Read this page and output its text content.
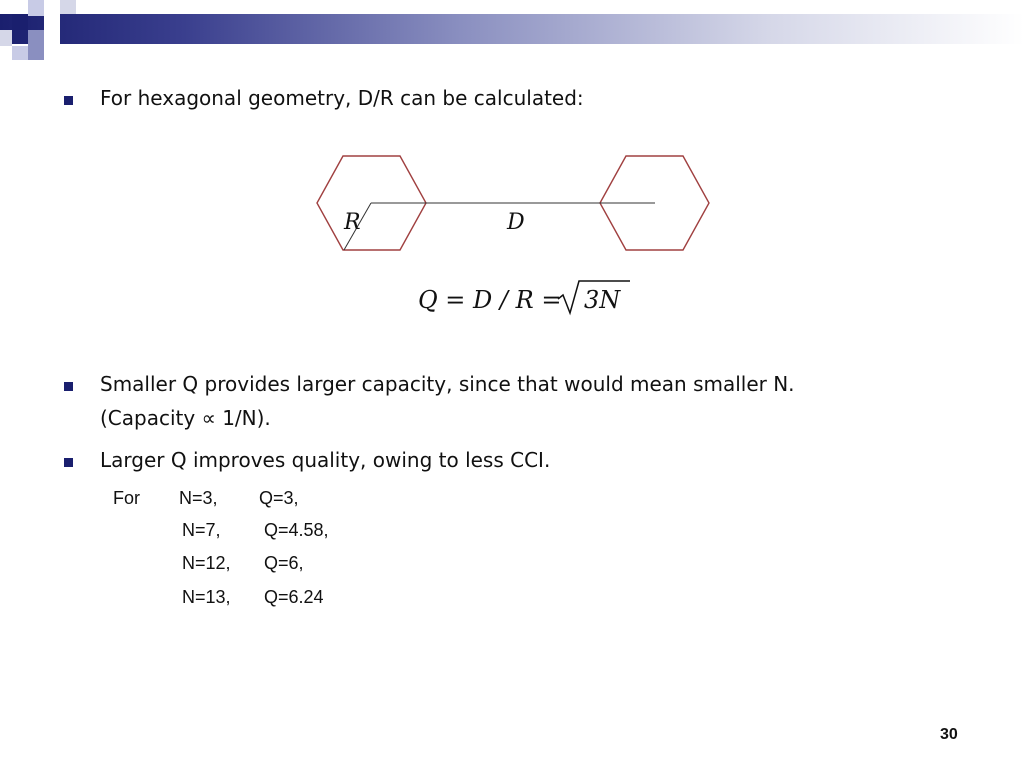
For hexagonal geometry, D/R can be calculated:
R	D
Q = D / R = 3N
Smaller Q provides larger capacity, since that would mean smaller N.
(Capacity ∝ 1/N).
Larger Q improves quality, owing to less CCI.
For N=3, Q=3,
N=7, Q=4.58,
N=12, Q=6,
N=13, Q=6.24
30
